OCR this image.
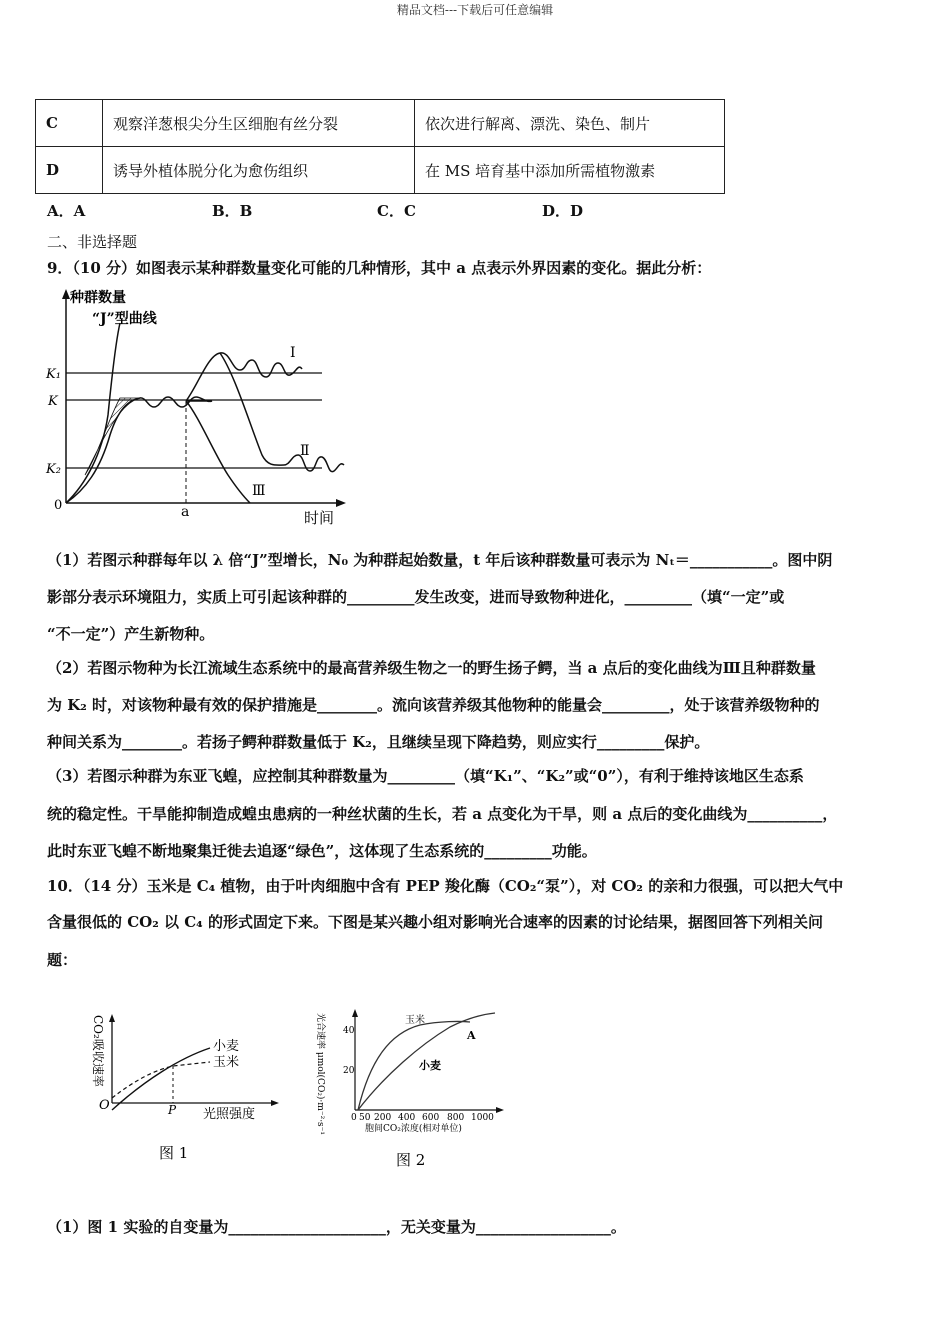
精品文档---下载后可任意编辑
C	观察洋葱根尖分生区细胞有丝分裂	依次进行解离、漂洗、染色、制片
D	诱导外植体脱分化为愈伤组织	在 MS 培育基中添加所需植物激素
A．A	B．B	C．C	D．D
二、非选择题
9．（10 分）如图表示某种群数量变化可能的几种情形，其中 a 点表示外界因素的变化。据此分析：
种群数量
“J”型曲线
K₁
K
K₂
0	a	时间
Ⅰ
Ⅱ
Ⅲ
（1）若图示种群每年以 λ 倍“J”型增长，N₀ 为种群起始数量，t 年后该种群数量可表示为 Nₜ＝___________。图中阴
影部分表示环境阻力，实质上可引起该种群的_________发生改变，进而导致物种进化，_________（填“一定”或
“不一定”）产生新物种。
（2）若图示物种为长江流域生态系统中的最高营养级生物之一的野生扬子鳄，当 a 点后的变化曲线为Ⅲ且种群数量
为 K₂ 时，对该物种最有效的保护措施是________。流向该营养级其他物种的能量会_________，处于该营养级物种的
种间关系为________。若扬子鳄种群数量低于 K₂，且继续呈现下降趋势，则应实行_________保护。
（3）若图示种群为东亚飞蝗，应控制其种群数量为_________（填“K₁”、“K₂”或“0”），有利于维持该地区生态系
统的稳定性。干旱能抑制造成蝗虫患病的一种丝状菌的生长，若 a 点变化为干旱，则 a 点后的变化曲线为__________，
此时东亚飞蝗不断地聚集迁徙去追逐“绿色”，这体现了生态系统的_________功能。
10．（14 分）玉米是 C₄ 植物，由于叶肉细胞中含有 PEP 羧化酶（CO₂“泵”），对 CO₂ 的亲和力很强，可以把大气中
含量很低的 CO₂ 以 C₄ 的形式固定下来。下图是某兴趣小组对影响光合速率的因素的讨论结果，据图回答下列相关问
题：
CO₂吸收速率	小麦
玉米
O	P 光照强度
图 1
光合速率 μmol(CO₂)·m⁻²·s⁻¹ 40
20
0 50 200 400 600 800 1000
玉米
小麦
A
胞间CO₂浓度(相对单位)
图 2
（1）图 1 实验的自变量为_____________________，无关变量为__________________。
